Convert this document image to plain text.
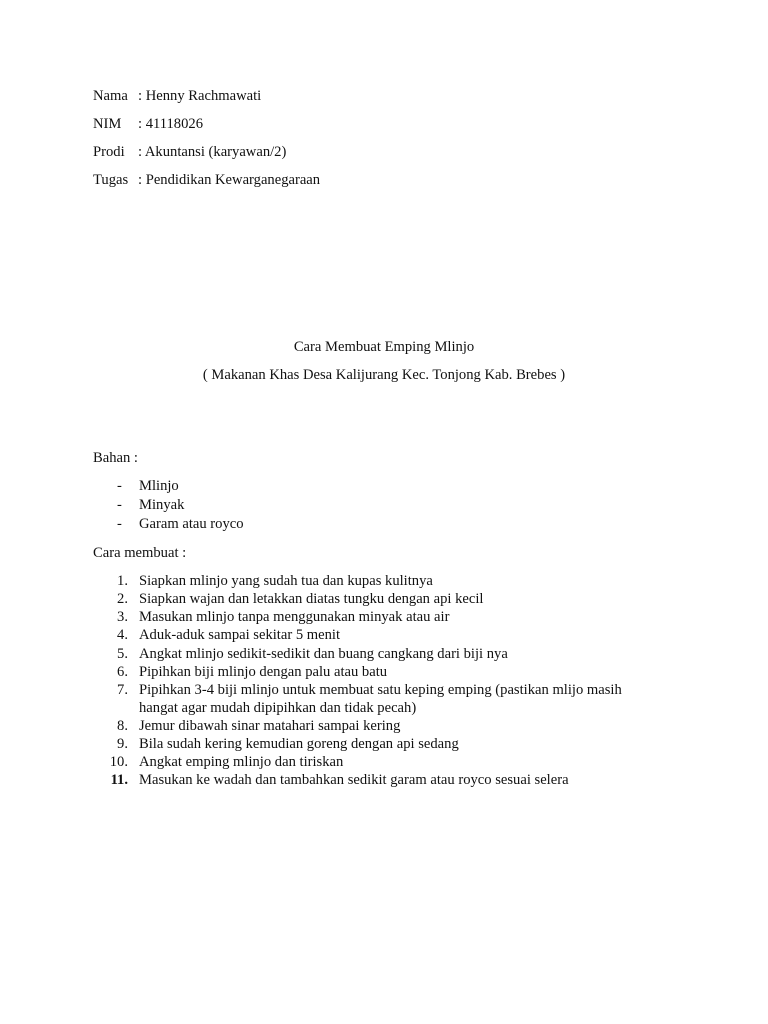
Nama : Henny Rachmawati
NIM : 41118026
Prodi : Akuntansi (karyawan/2)
Tugas : Pendidikan Kewarganegaraan
Cara Membuat Emping Mlinjo
( Makanan Khas Desa Kalijurang Kec. Tonjong Kab. Brebes )
Bahan :
- Mlinjo
- Minyak
- Garam atau royco
Cara membuat :
1. Siapkan mlinjo yang sudah tua dan kupas kulitnya
2. Siapkan wajan dan letakkan diatas tungku dengan api kecil
3. Masukan mlinjo tanpa menggunakan minyak atau air
4. Aduk-aduk sampai sekitar 5 menit
5. Angkat mlinjo sedikit-sedikit dan buang cangkang dari biji nya
6. Pipihkan biji mlinjo dengan palu atau batu
7. Pipihkan 3-4 biji mlinjo untuk membuat satu keping emping (pastikan mlijo masih
hangat agar mudah dipipihkan dan tidak pecah)
8. Jemur dibawah sinar matahari sampai kering
9. Bila sudah kering kemudian goreng dengan api sedang
10. Angkat emping mlinjo dan tiriskan
11. Masukan ke wadah dan tambahkan sedikit garam atau royco sesuai selera
